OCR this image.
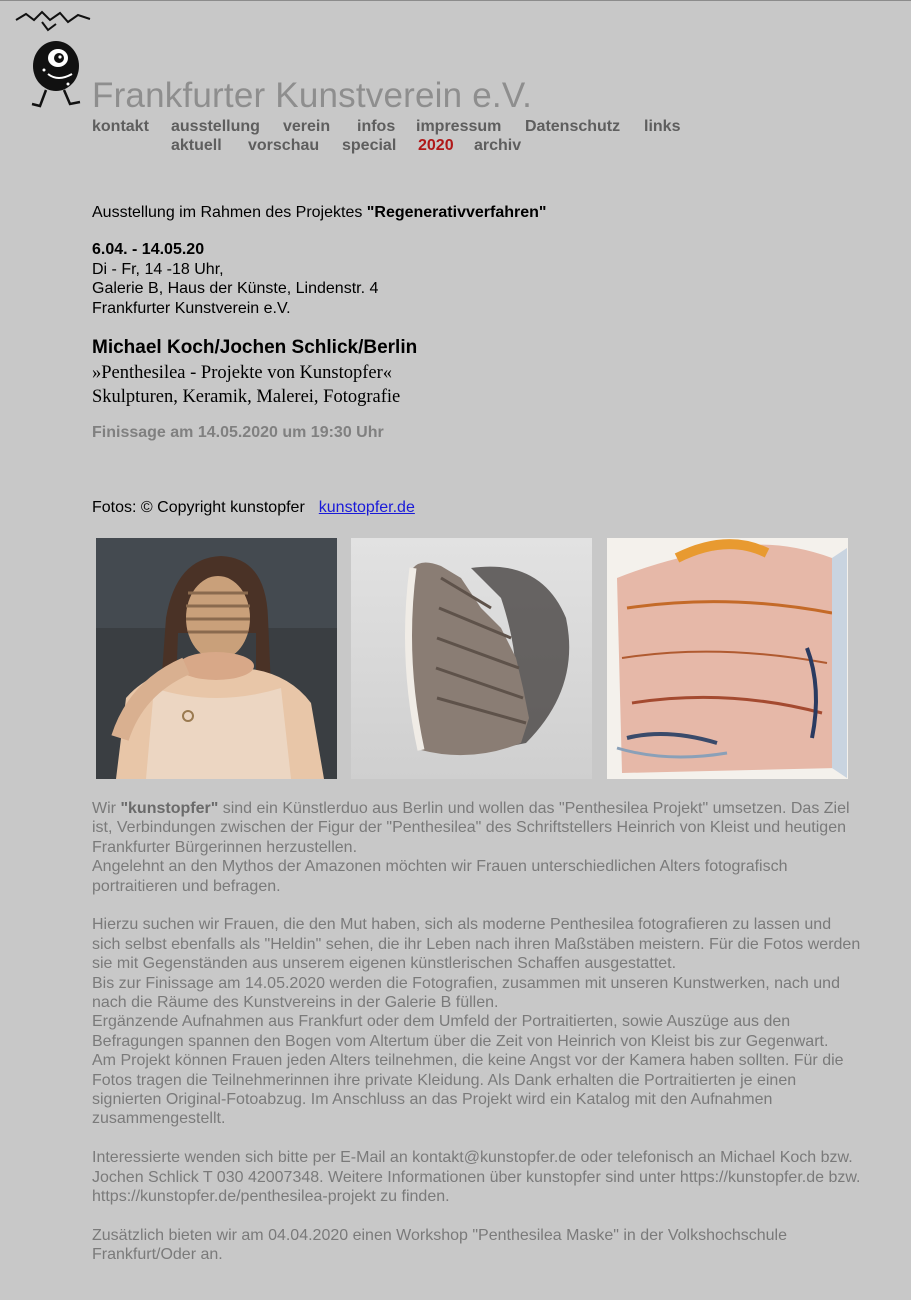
Frankfurter Kunstverein e.V.
kontakt ausstellung verein infos impressum Datenschutz links
aktuell vorschau special 2020 archiv
Ausstellung im Rahmen des Projektes "Regenerativverfahren"
6.04. - 14.05.20
Di - Fr, 14 -18 Uhr,
Galerie B, Haus der Künste, Lindenstr. 4
Frankfurter Kunstverein e.V.
Michael Koch/Jochen Schlick/Berlin
»Penthesilea - Projekte von Kunstopfer«
Skulpturen, Keramik, Malerei, Fotografie
Finissage am 14.05.2020 um 19:30 Uhr
Fotos: © Copyright kunstopfer kunstopfer.de

Wir "kunstopfer" sind ein Künstlerduo aus Berlin und wollen das "Penthesilea Projekt" umsetzen. Das Ziel ist, Verbindungen zwischen der Figur der "Penthesilea" des Schriftstellers Heinrich von Kleist und heutigen Frankfurter Bürgerinnen herzustellen.
Angelehnt an den Mythos der Amazonen möchten wir Frauen unterschiedlichen Alters fotografisch portraitieren und befragen.

Hierzu suchen wir Frauen, die den Mut haben, sich als moderne Penthesilea fotografieren zu lassen und sich selbst ebenfalls als "Heldin" sehen, die ihr Leben nach ihren Maßstäben meistern. Für die Fotos werden sie mit Gegenständen aus unserem eigenen künstlerischen Schaffen ausgestattet.
Bis zur Finissage am 14.05.2020 werden die Fotografien, zusammen mit unseren Kunstwerken, nach und nach die Räume des Kunstvereins in der Galerie B füllen.
Ergänzende Aufnahmen aus Frankfurt oder dem Umfeld der Portraitierten, sowie Auszüge aus den Befragungen spannen den Bogen vom Altertum über die Zeit von Heinrich von Kleist bis zur Gegenwart.
Am Projekt können Frauen jeden Alters teilnehmen, die keine Angst vor der Kamera haben sollten. Für die Fotos tragen die Teilnehmerinnen ihre private Kleidung. Als Dank erhalten die Portraitierten je einen signierten Original-Fotoabzug. Im Anschluss an das Projekt wird ein Katalog mit den Aufnahmen zusammengestellt.

Interessierte wenden sich bitte per E-Mail an kontakt@kunstopfer.de oder telefonisch an Michael Koch bzw. Jochen Schlick T 030 42007348. Weitere Informationen über kunstopfer sind unter https://kunstopfer.de bzw. https://kunstopfer.de/penthesilea-projekt zu finden.

Zusätzlich bieten wir am 04.04.2020 einen Workshop "Penthesilea Maske" in der Volkshochschule Frankfurt/Oder an.
